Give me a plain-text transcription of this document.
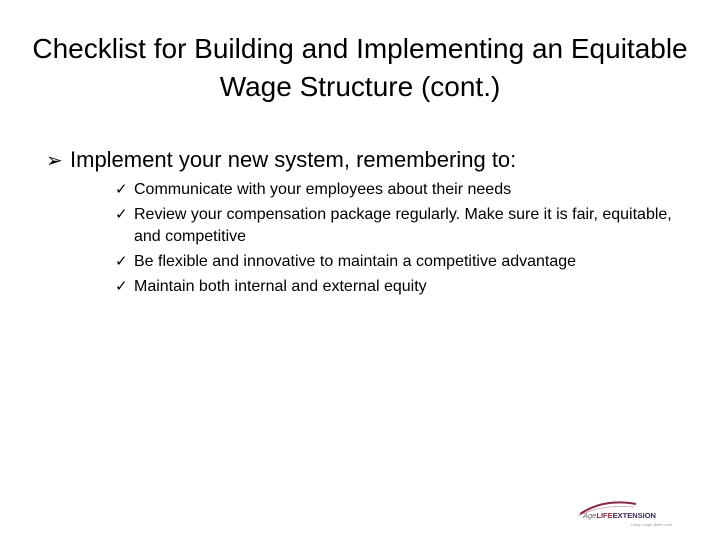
Checklist for Building and Implementing an Equitable Wage Structure (cont.)
➢ Implement your new system, remembering to:
✓ Communicate with your employees about their needs
✓ Review your compensation package regularly. Make sure it is fair, equitable, and competitive
✓ Be flexible and innovative to maintain a competitive advantage
✓ Maintain both internal and external equity
AgeLIFEEXTENSION
Living Longer, Better Lives
